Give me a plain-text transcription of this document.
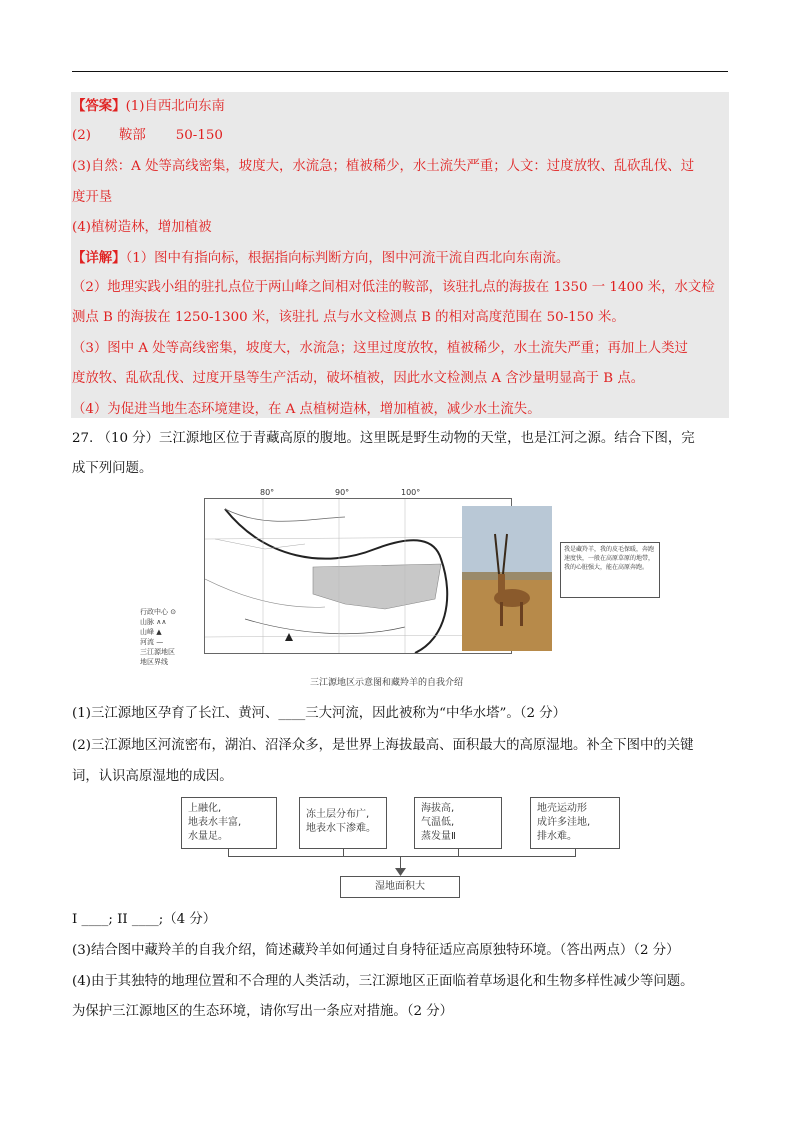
【答案】(1)自西北向东南
(2) 鞍部 50-150
(3)自然：A 处等高线密集，坡度大，水流急；植被稀少，水土流失严重；人文：过度放牧、乱砍乱伐、过
度开垦
(4)植树造林，增加植被
【详解】（1）图中有指向标，根据指向标判断方向，图中河流干流自西北向东南流。
（2）地理实践小组的驻扎点位于两山峰之间相对低洼的鞍部，该驻扎点的海拔在 1350 一 1400 米，水文检
测点 B 的海拔在 1250-1300 米，该驻扎 点与水文检测点 B 的相对高度范围在 50-150 米。
（3）图中 A 处等高线密集，坡度大，水流急；这里过度放牧，植被稀少，水土流失严重；再加上人类过
度放牧、乱砍乱伐、过度开垦等生产活动，破坏植被，因此水文检测点 A 含沙量明显高于 B 点。
（4）为促进当地生态环境建设，在 A 点植树造林，增加植被，减少水土流失。
27. （10 分）三江源地区位于青藏高原的腹地。这里既是野生动物的天堂，也是江河之源。结合下图，完
成下列问题。
80°	90°	100°
行政中心 ⊙
山脉 ∧∧
山峰 ▲
河流 —
三江源地区
地区界线
我是藏羚羊，我的皮毛保暖，奔跑速度快，一般在高原草原的地带，我的心脏强大，能在高原奔跑。
三江源地区示意图和藏羚羊的自我介绍
(1)三江源地区孕育了长江、黄河、____三大河流，因此被称为“中华水塔”。（2 分）
(2)三江源地区河流密布，湖泊、沼泽众多，是世界上海拔最高、面积最大的高原湿地。补全下图中的关键
词，认识高原湿地的成因。
上融化,
地表水丰富,
水量足。
冻土层分布广,
地表水下渗难。
海拔高,
气温低,
蒸发量Ⅱ
地壳运动形
成许多洼地,
排水难。
湿地面积大
I ____; II ____;（4 分）
(3)结合图中藏羚羊的自我介绍，简述藏羚羊如何通过自身特征适应高原独特环境。（答出两点）（2 分）
(4)由于其独特的地理位置和不合理的人类活动，三江源地区正面临着草场退化和生物多样性减少等问题。
为保护三江源地区的生态环境，请你写出一条应对措施。（2 分）
